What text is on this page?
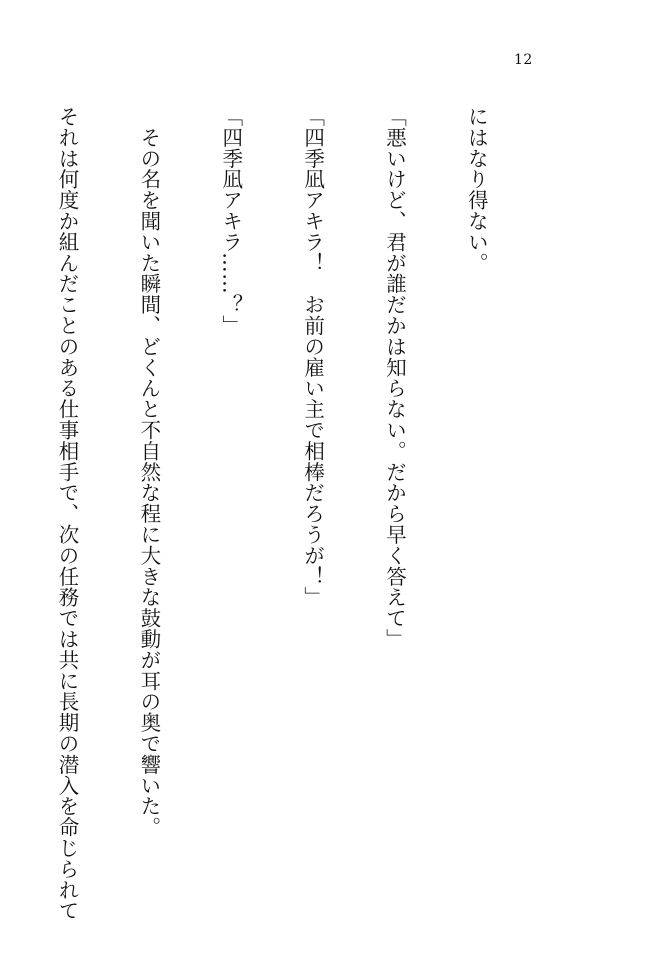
12

にはなり得ない。

「悪いけど、君が誰だかは知らない。だから早く答えて」

「四季凪アキラ！　お前の雇い主で相棒だろうが！」

「四季凪アキラ……？」

　その名を聞いた瞬間、どくんと不自然な程に大きな鼓動が耳の奥で響いた。

それは何度か組んだことのある仕事相手で、次の任務では共に長期の潜入を命じられて
